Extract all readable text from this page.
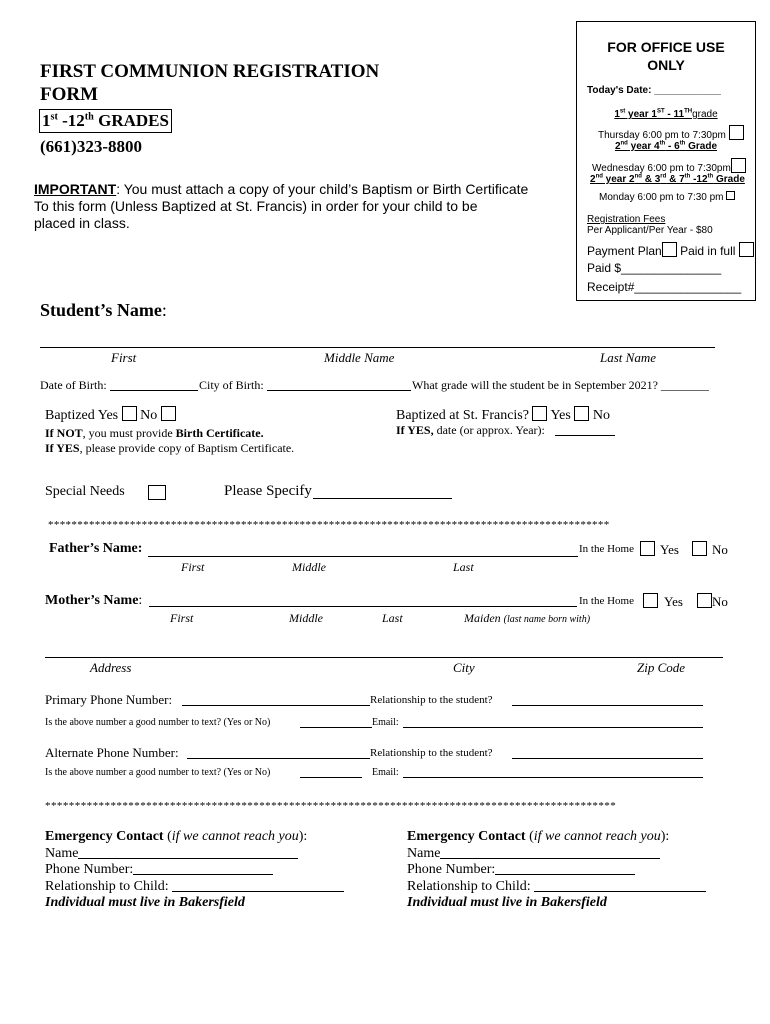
FIRST COMMUNION REGISTRATION
FORM
1st -12th GRADES
(661)323-8800
IMPORTANT: You must attach a copy of your child’s Baptism or Birth Certificate
To this form (Unless Baptized at St. Francis) in order for your child to be
placed in class.
FOR OFFICE USE
ONLY
Today's Date: ____________
1st year 1ST - 11THgrade
Thursday 6:00 pm to 7:30pm
2nd year 4th - 6th Grade
Wednesday 6:00 pm to 7:30pm
2nd year 2nd & 3rd & 7th -12th Grade
Monday 6:00 pm to 7:30 pm
Registration Fees
Per Applicant/Per Year - $80
Payment Plan Paid in full
Paid $_______________
Receipt#________________
Student’s Name:
First	Middle Name	Last Name
Date of Birth:	City of Birth:	What grade will the student be in September 2021? ________
Baptized Yes No
If NOT, you must provide Birth Certificate.
If YES, please provide copy of Baptism Certificate.
Baptized at St. Francis? Yes No
If YES, date (or approx. Year):
Special Needs	Please Specify
************************************************************************************************
Father’s Name:	In the Home Yes	No
First	Middle	Last
Mother’s Name:	In the Home Yes No
First	Middle	Last	Maiden (last name born with)
Address	City	Zip Code
Primary Phone Number:	Relationship to the student?
Is the above number a good number to text? (Yes or No)	Email:
Alternate Phone Number:	Relationship to the student?
Is the above number a good number to text? (Yes or No)	Email:
************************************************************************************************
Emergency Contact (if we cannot reach you):
Name
Phone Number:
Relationship to Child:
Individual must live in Bakersfield
Emergency Contact (if we cannot reach you):
Name
Phone Number:
Relationship to Child:
Individual must live in Bakersfield
